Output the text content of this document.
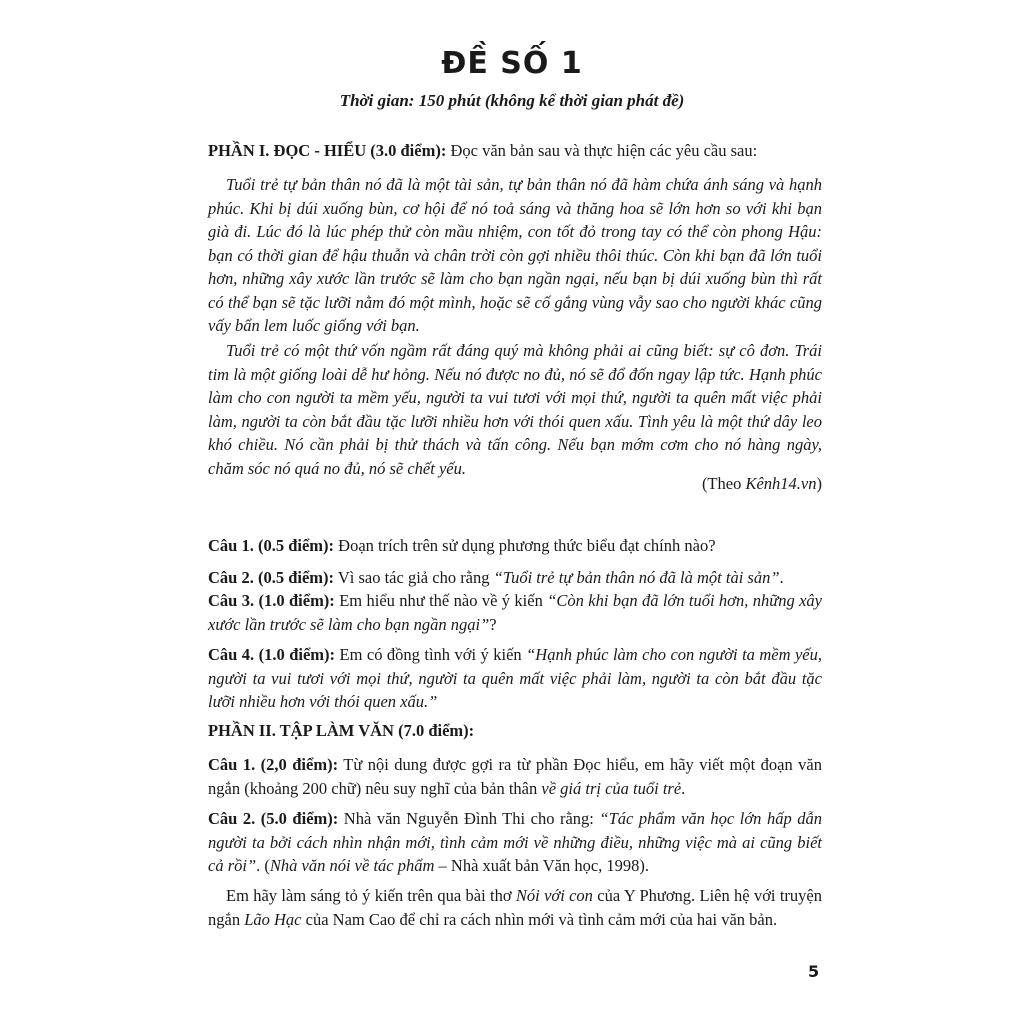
ĐỀ SỐ 1
Thời gian: 150 phút (không kể thời gian phát đề)

PHẦN I. ĐỌC - HIỂU (3.0 điểm): Đọc văn bản sau và thực hiện các yêu cầu sau:

Tuổi trẻ tự bản thân nó đã là một tài sản, tự bản thân nó đã hàm chứa ánh sáng và hạnh phúc. Khi bị dúi xuống bùn, cơ hội để nó toả sáng và thăng hoa sẽ lớn hơn so với khi bạn già đi. Lúc đó là lúc phép thử còn mầu nhiệm, con tốt đỏ trong tay có thể còn phong Hậu: bạn có thời gian để hậu thuẫn và chân trời còn gợi nhiều thôi thúc. Còn khi bạn đã lớn tuổi hơn, những xây xước lần trước sẽ làm cho bạn ngần ngại, nếu bạn bị dúi xuống bùn thì rất có thể bạn sẽ tặc lưỡi nằm đó một mình, hoặc sẽ cố gắng vùng vẫy sao cho người khác cũng vấy bẩn lem luốc giống với bạn.

Tuổi trẻ có một thứ vốn ngầm rất đáng quý mà không phải ai cũng biết: sự cô đơn. Trái tim là một giống loài dễ hư hỏng. Nếu nó được no đủ, nó sẽ đổ đốn ngay lập tức. Hạnh phúc làm cho con người ta mềm yếu, người ta vui tươi với mọi thứ, người ta quên mất việc phải làm, người ta còn bắt đầu tặc lưỡi nhiều hơn với thói quen xấu. Tình yêu là một thứ dây leo khó chiều. Nó cần phải bị thử thách và tấn công. Nếu bạn mớm cơm cho nó hàng ngày, chăm sóc nó quá no đủ, nó sẽ chết yếu.

(Theo Kênh14.vn)

Câu 1. (0.5 điểm): Đoạn trích trên sử dụng phương thức biểu đạt chính nào?

Câu 2. (0.5 điểm): Vì sao tác giả cho rằng “Tuổi trẻ tự bản thân nó đã là một tài sản”.

Câu 3. (1.0 điểm): Em hiểu như thế nào về ý kiến “Còn khi bạn đã lớn tuổi hơn, những xây xước lần trước sẽ làm cho bạn ngần ngại”?

Câu 4. (1.0 điểm): Em có đồng tình với ý kiến “Hạnh phúc làm cho con người ta mềm yếu, người ta vui tươi với mọi thứ, người ta quên mất việc phải làm, người ta còn bắt đầu tặc lưỡi nhiều hơn với thói quen xấu.”

PHẦN II. TẬP LÀM VĂN (7.0 điểm):

Câu 1. (2,0 điểm): Từ nội dung được gợi ra từ phần Đọc hiểu, em hãy viết một đoạn văn ngắn (khoảng 200 chữ) nêu suy nghĩ của bản thân về giá trị của tuổi trẻ.

Câu 2. (5.0 điểm): Nhà văn Nguyễn Đình Thi cho rằng: “Tác phẩm văn học lớn hấp dẫn người ta bởi cách nhìn nhận mới, tình cảm mới về những điều, những việc mà ai cũng biết cả rồi”. (Nhà văn nói về tác phẩm – Nhà xuất bản Văn học, 1998).

Em hãy làm sáng tỏ ý kiến trên qua bài thơ Nói với con của Y Phương. Liên hệ với truyện ngắn Lão Hạc của Nam Cao để chỉ ra cách nhìn mới và tình cảm mới của hai văn bản.

5
